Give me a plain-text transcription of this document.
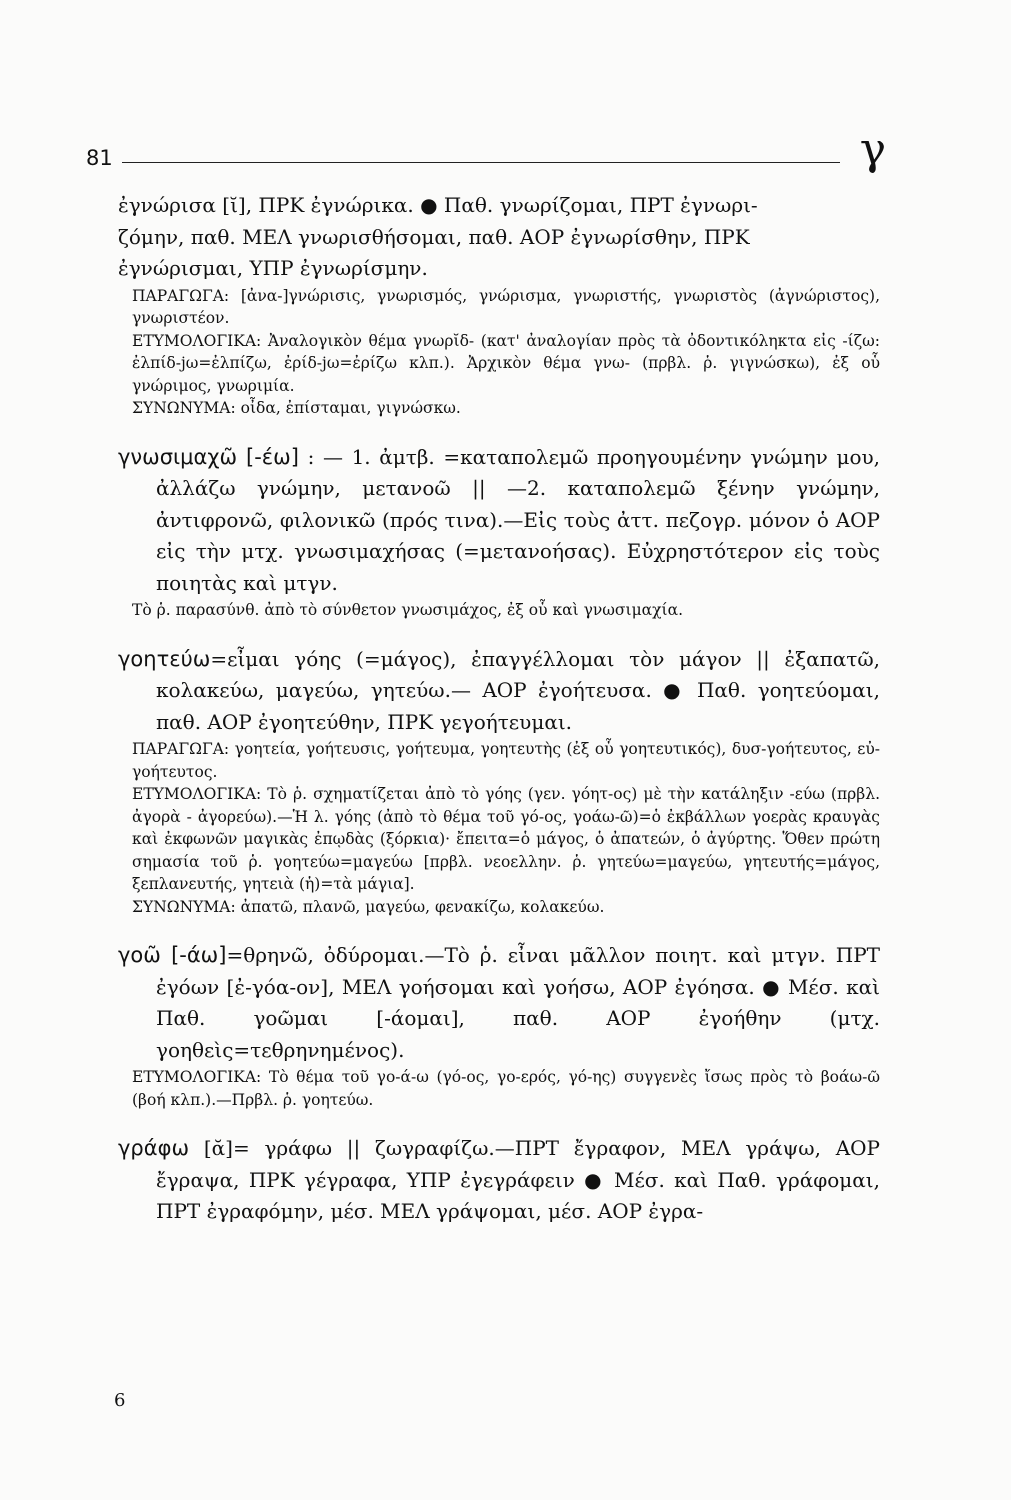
81	γ

ἐγνώρισα [ῐ], ΠΡΚ ἐγνώρικα. ● Παθ. γνωρίζομαι, ΠΡΤ ἐγνωρι-

ζόμην, παθ. ΜΕΛ γνωρισθήσομαι, παθ. ΑΟΡ ἐγνωρίσθην, ΠΡΚ

ἐγνώρισμαι, ΥΠΡ ἐγνωρίσμην.

ΠΑΡΑΓΩΓΑ: [ἀνα-]γνώρισις, γνωρισμός, γνώρισμα, γνωριστής, γνωριστὸς (ἀγνώριστος), γνωριστέον.

ΕΤΥΜΟΛΟΓΙΚΑ: Ἀναλογικὸν θέμα γνωρῐδ- (κατ' ἀναλογίαν πρὸς τὰ ὀδοντικόληκτα εἰς -ίζω: ἐλπίδ-jω=ἐλπίζω, ἐρίδ-jω=ἐρίζω κλπ.). Ἀρχικὸν θέμα γνω- (πρβλ. ῥ. γιγνώσκω), ἐξ οὗ γνώριμος, γνωριμία.

ΣΥΝΩΝΥΜΑ: οἶδα, ἐπίσταμαι, γιγνώσκω.

γνωσιμαχῶ [-έω] : — 1. ἀμτβ. =καταπολεμῶ προηγουμένην γνώμην μου, ἀλλάζω γνώμην, μετανοῶ || —2. καταπολεμῶ ξένην γνώμην, ἀντιφρονῶ, φιλονικῶ (πρός τινα).—Εἰς τοὺς ἀττ. πεζογρ. μόνον ὁ ΑΟΡ εἰς τὴν μτχ. γνωσιμαχήσας (=μετανοήσας). Εὐχρηστότερον εἰς τοὺς ποιητὰς καὶ μτγν.

Τὸ ῥ. παρασύνθ. ἀπὸ τὸ σύνθετον γνωσιμάχος, ἐξ οὗ καὶ γνωσιμαχία.

γοητεύω=εἶμαι γόης (=μάγος), ἐπαγγέλλομαι τὸν μάγον || ἐξαπατῶ, κολακεύω, μαγεύω, γητεύω.— ΑΟΡ ἐγοήτευσα. ● Παθ. γοητεύομαι, παθ. ΑΟΡ ἐγοητεύθην, ΠΡΚ γεγοήτευμαι.

ΠΑΡΑΓΩΓΑ: γοητεία, γοήτευσις, γοήτευμα, γοητευτὴς (ἐξ οὗ γοητευτικός), δυσ-γοήτευτος, εὐ-γοήτευτος.

ΕΤΥΜΟΛΟΓΙΚΑ: Τὸ ῥ. σχηματίζεται ἀπὸ τὸ γόης (γεν. γόητ-ος) μὲ τὴν κατάληξιν -εύω (πρβλ. ἀγορὰ - ἀγορεύω).—Ἡ λ. γόης (ἀπὸ τὸ θέμα τοῦ γό-ος, γοάω-ῶ)=ὁ ἐκβάλλων γοερὰς κραυγὰς καὶ ἐκφωνῶν μαγικὰς ἐπῳδὰς (ξόρκια)· ἔπειτα=ὁ μάγος, ὁ ἀπατεών, ὁ ἀγύρτης. Ὅθεν πρώτη σημασία τοῦ ῥ. γοητεύω=μαγεύω [πρβλ. νεοελλην. ῥ. γητεύω=μαγεύω, γητευτής=μάγος, ξεπλανευτής, γητειὰ (ἡ)=τὰ μάγια].

ΣΥΝΩΝΥΜΑ: ἀπατῶ, πλανῶ, μαγεύω, φενακίζω, κολακεύω.

γοῶ [-άω]=θρηνῶ, ὀδύρομαι.—Τὸ ῥ. εἶναι μᾶλλον ποιητ. καὶ μτγν. ΠΡΤ ἐγόων [ἐ-γόα-ον], ΜΕΛ γοήσομαι καὶ γοήσω, ΑΟΡ ἐγόησα. ● Μέσ. καὶ Παθ. γοῶμαι [-άομαι], παθ. ΑΟΡ ἐγοήθην (μτχ. γοηθεὶς=τεθρηνημένος).

ΕΤΥΜΟΛΟΓΙΚΑ: Τὸ θέμα τοῦ γο-ά-ω (γό-ος, γο-ερός, γό-ης) συγγενὲς ἴσως πρὸς τὸ βοάω-ῶ (βοή κλπ.).—Πρβλ. ῥ. γοητεύω.

γράφω [ᾰ]= γράφω || ζωγραφίζω.—ΠΡΤ ἔγραφον, ΜΕΛ γράψω, ΑΟΡ ἔγραψα, ΠΡΚ γέγραφα, ΥΠΡ ἐγεγράφειν ● Μέσ. καὶ Παθ. γράφομαι, ΠΡΤ ἐγραφόμην, μέσ. ΜΕΛ γράψομαι, μέσ. ΑΟΡ ἐγρα-

6
